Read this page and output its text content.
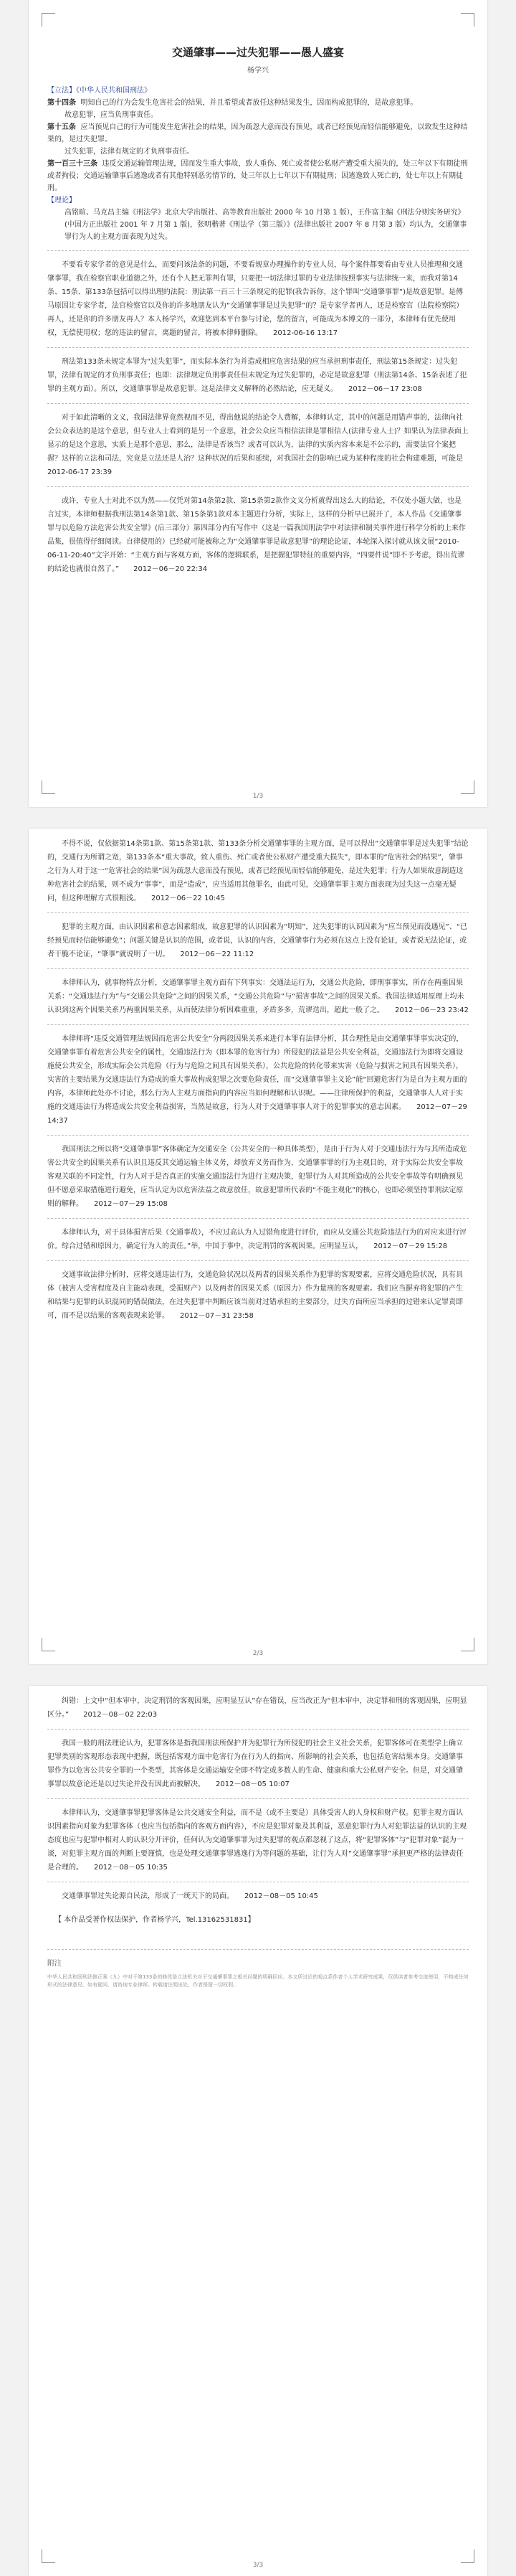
交通肇事——过失犯罪——愚人盛宴
杨学兴

【立法】《中华人民共和国刑法》

第十四条 明知自己的行为会发生危害社会的结果，并且希望或者放任这种结果发生，因而构成犯罪的，是故意犯罪。

故意犯罪，应当负刑事责任。

第十五条 应当预见自己的行为可能发生危害社会的结果，因为疏忽大意而没有预见，或者已经预见而轻信能够避免，以致发生这种结果的，是过失犯罪。

过失犯罪，法律有规定的才负刑事责任。

第一百三十三条 违反交通运输管理法规，因而发生重大事故，致人重伤、死亡或者使公私财产遭受重大损失的，处三年以下有期徒刑或者拘役；交通运输肇事后逃逸或者有其他特别恶劣情节的，处三年以上七年以下有期徒刑；因逃逸致人死亡的，处七年以上有期徒刑。

【理论】

高铭暄、马克昌主编《刑法学》北京大学出版社、高等教育出版社 2000 年 10 月第 1 版），王作富主编《刑法分则实务研究》(中国方正出版社 2001 年 7 月第 1 版)，张明楷著《刑法学（第三版）》(法律出版社 2007 年 8 月第 3 版）均认为，交通肇事罪行为人的主观方面表现为过失。

不要看专家学者的意见是什么，而要问该法条的问题，不要看规章办理操作的专业人员，每个案件都要看由专业人员推理和交通肇事罪，我在检察官职业道德之外，还有个人把无罪判有罪，只要把一切法律过罪的专业法律按照事实与法律统一来，而我对第14条、15条、第133条包括可以得出理的法院：刑法第一百三十三条规定的犯罪(我告诉你，这个罪叫“交通肇事罪”)是故意犯罪。是傅马原因让专家学者，法官检察官以及你的许多地朋友认为“交通肇事罪是过失犯罪”的？是专家学者再人，还是检察官（法院检察院）再人，还是你的许多朋友再人？本人杨学兴，欢迎您到本平台参与讨论，您的留言，可能成为本博文的一部分，本律师有优先使用权，无偿使用权；您的违法的留言，离题的留言，将被本律师删除。　　2012-06-16 13:17

刑法第133条未规定本罪为“过失犯罪”，而实际本条行为并造成相应危害结果的应当承担刑事责任，刑法第15条规定：过失犯罪，法律有规定的才负刑事责任；也即：法律规定负刑事责任但未规定为过失犯罪的，必定是故意犯罪（刑法第14条、15条表述了犯罪的主观方面）。所以，交通肇事罪是故意犯罪。这是法律文义解释的必然结论，应无疑义。　　2012－06－17 23:08

对于如此清晰的文义，我国法律界竟然视而不见，得出他说的结论令人费解，本律师认定，其中的问题是用错声事的，法律向社会公众表达的是这个意思，但专业人士看到的是另一个意思，社会公众应当相信法律是罪相信人(法律专业人士)？如果认为法律表面上显示的是这个意思，实质上是那个意思，那么，法律是否该当？或者可以认为，法律的实质内容本来是不公示的，需要法官个案把握？这样的立法和司法，究竟是立法还是人治？这种状况的后果和延续，对我国社会的影响已成为某种程度的社会构建难题，可能是2012-06-17 23:39

或许，专业人士对此不以为然——仅凭对第14条第2款、第15条第2款作文义分析就得出这么大的结论，不仅处小题大做，也是言过实，本律师根据我刑法第14条第1款、第15条第1款对本主题进行分析，实际上，这样的分析早已展开了，本人作品《交通肇事罪与以危险方法危害公共安全罪》(后三部分）第四部分内有写作中（这是一篇我国刑法学中对法律和制关事件进行科学分析的上来作品集，很值得仔细阅读。自律使用的）已经就可能被称之为“交通肇事罪是故意犯罪”的理论论证，本轮深入探讨就从该文展“2010-06-11-20:40”文字开始：“主观方面与客观方面，客体的逻辑联系，是把握犯罪特征的重要内容，“四要件说”即不予考虑，得出荒谬的结论也就很自然了。”　　2012－06－20 22:34

1/3

不得不说，仅依据第14条第1款、第15条第1款、第133条分析交通肇事罪的主观方面，是可以得出“交通肇事罪是过失犯罪”结论的，交通行为所谓之宽，第133条本“重大事故，致人重伤、死亡或者使公私财产遭受重大损失”，即本罪的“危害社会的结果”，肇事之行为人对于这一“危害社会的结果”因为疏忽大意而没有预见，或者已经预见而轻信能够避免，是过失犯罪；行为人如果故意制造这种危害社会的结果，则不成为“事事”，而是“造成”，应当适用其他罪名，由此可见，交通肇事罪主观方面表现为过失这一点毫无疑问，但这种理解方式很粗浅。　　2012－06－22 10:45

犯罪的主观方面，由认识因素和意志因素组成，故意犯罪的认识因素为“明知”，过失犯罪的认识因素为“应当预见而没遇见”、“已经预见而轻信能够避免”；问题关键是认识的范围，或者说，认识的内容，交通肇事行为必须在这点上没有论证，或者说无法论证，或者干脆不论证，“肇事”就说明了一切。　　2012－06－22 11:12

本律师认为，就事物特点分析，交通肇事罪主观方面有下列事实：交通法运行为，交通公共危险，即刑事事实，所存在两重因果关系：“交通违法行为”与“交通公共危险”之间的因果关系，“交通公共危险”与“损害事故”之间的因果关系。我国法律适用原理上均未认识到这两个因果关系乃两重因果关系，从而使法律分析因难重重，矛盾多多，荒谬迭出，超此一般了之。　　2012－06－23 23:42

本律师将“违反交通管理法规因而危害公共安全”分两段因果关系来进行本罪有法律分析，其合理性是由交通肇事罪事实决定的，交通肇事罪有着危害公共安全的属性，交通违法行为（即本罪的危害行为）所侵犯的法益是公共安全利益，交通违法行为即将交通设施使公共安全，形成实际会公共危险（行为与危险之间具有因果关系），公共危险的转化带来实害（危险与损害之间具有因果关系），实害的主要结果为交通违法行为造成的重大事故构成犯罪之次要危险责任，而“交通肇事罪主义论”能“回避危害行为是自为主观方面的内容，本律师此处亦不讨论，那么行为人主观方面指向的内容应当如何理解和认识呢。——注律所保护的利益，交通肇事人人对于实施的交通违法行为将造成公共安全利益损害，当然是故意，行为人对于交通肇事事人对于的犯罪事实的意志因素。　　2012－07－29 14:37

我国刑法之所以将“交通肇事罪”客体确定为交通安全（公共安全的一种具体类型），是由于行为人对于交通违法行为与其所造成危害公共安全的因果关系有认识且违反其交通运输主体义务，却放弃义务而作为，交通肇事罪的行为主观目的，对于实际公共安全事故客观关联的不同定性，行为人对于是否真正的实施交通违法行为进行主观决策，犯罪行为人对其所造成的公共安全事故等有明确预见但不愿意采取措施进行避免，应当认定为以危害法益之故意放任，故意犯罪所代表的“不能主观化”的核心，也即必须坚持罪刑法定原则的解释。　　2012－07－29 15:08

本律师认为，对于具体损害后果（交通事故），不应过高认为人过错角度进行评价，而应从交通公共危险违法行为的对应来进行评价。综合过错和原因力，确定行为人的责任。”举，中国于事中，决定刑罚的客观因果。应明显互认，　　2012－07－29 15:28

交通事故法律分析时，应将交通违法行为，交通危险状况以及两者的因果关系作为犯罪的客观要素，应将交通危险状况，具有具体（被害人受害程度及自主能动表现，受损财产）以及两者的因果关系（原因力）作为量刑的客观要素。我们应当摒弃将犯罪的产生和结果与犯罪的认识混同的错误做法，在过失犯罪中判断应该当前对过错承担的主要部分，过失方面所应当承担的过错来认定罪责即可，而不是以结果的客观表现来论罪。　　2012－07－31 23:58

2/3

纠错：上文中“但本审中，决定刑罚的客观因果，应明显互认”存在错误，应当改正为“但本审中，决定罪和刑的客观因果，应明显区分。”　　2012－08－02 22:03

我国一般的刑法理论认为，犯罪客体是指我国刑法所保护并为犯罪行为所侵犯的社会主义社会关系，犯罪客体可在类型学上确立犯罪类别的客观形态表现中把握，既包括客观方面中危害行为在行为人的指向、所影响的社会关系，也包括危害结果本身。交通肇事罪作为以危害公共安全罪的一个类型，其客体是交通运输安全即不特定或多数人的生命、健康和重大公私财产安全。但是，对交通肇事罪以故意论还是以过失论并没有因此而被解决。　　2012－08－05 10:07

本律师认为，交通肇事罪犯罪客体是公共交通安全利益，而不是（或不主要是）具体受害人的人身权和财产权。犯罪主观方面认识因素指向对象为犯罪客体（也应当包括指向的客观方面内容），不应是犯罪对象及其利益，恶意犯罪行为人对犯罪法益的认识的主观态度也应与犯罪中相对人的认识分开评价，任何认为交通肇事罪为过失犯罪的观点都忽视了这点，将“犯罪客体”与“犯罪对象”混为一谈，对犯罪主观方面的判断上要谨慎，也是处理交通肇事罪逃逸行为等问题的基础，让行为人对“交通肇事罪”承担更严格的法律责任是合理的。　　2012－08－05 10:35

交通肇事罪过失论源自民法，形成了一统天下的局面。　　2012－08－05 10:45

【 本作品受著作权法保护，作者杨学兴，Tel.13162531831】

附注

中华人民共和国刑法修正案（九）中对于第133条的修改是立法机关对于交通肇事罪之相关问题的明确回应。本文所讨论的观点系作者个人学术研究成果，仅供读者参考交流使用，不构成任何形式的法律意见。如有疑问，请咨询专业律师。转载请注明出处，作者保留一切权利。

3/3
